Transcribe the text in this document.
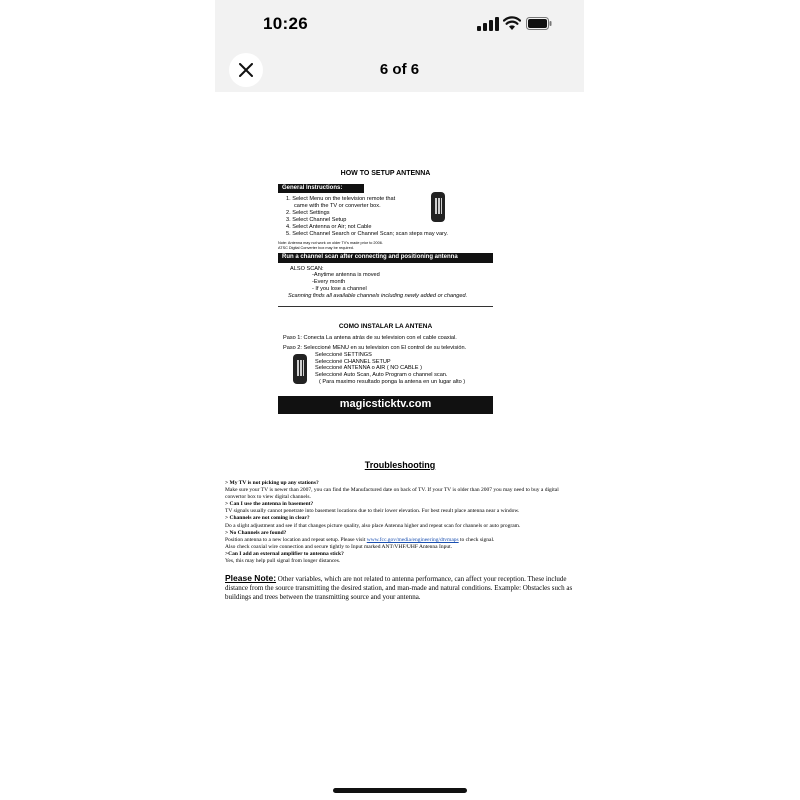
10:26
6 of 6
HOW TO SETUP ANTENNA
General Instructions:
1. Select Menu on the television remote that
came with the TV or converter box.
2. Select Settings
3. Select Channel Setup
4. Select Antenna or Air; not Cable
5. Select Channel Search or Channel Scan; scan steps may vary.
Note: Antenna may not work on older TV's made prior to 2006.
ATSC Digital Converter box may be required.
Run a channel scan after connecting and positioning antenna
ALSO SCAN:
-Anytime antenna is moved
-Every month
- If you lose a channel
Scanning finds all available channels including newly added or changed.
COMO INSTALAR LA ANTENA
Paso 1: Conecta La antena atrás de su television con el cable coaxial.
Paso 2: Seleccioné MENU en su television con El control de su televisión.
Seleccioné SETTINGS
Seleccioné CHANNEL SETUP
Seleccioné ANTENNA o AIR ( NO CABLE )
Seleccioné Auto Scan, Auto Program o channel scan.
( Para maximo resultado ponga la antena en un lugar alto )
magicsticktv.com
Troubleshooting
> My TV is not picking up any stations?
Make sure your TV is newer than 2007, you can find the Manufactured date on back of TV. If your TV is older than 2007 you may need to buy a digital convertor box to view digital channels.
> Can I use the antenna in basement?
TV signals usually cannot penetrate into basement locations due to their lower elevation. For best result place antenna near a window.
> Channels are not coming in clear?
Do a slight adjustment and see if that changes picture quality, also place Antenna higher and repeat scan for channels or auto program.
> No Channels are found?
Position antenna to a new location and repeat setup. Please visit www.fcc.gov/media/engineering/dtvmaps to check signal.
Also check coaxial wire connection and secure tightly to Input marked ANT/VHF/UHF Antenna Input.
>Can I add an external amplifier to antenna stick?
Yes, this may help pull signal from longer distances.
Please Note: Other variables, which are not related to antenna performance, can affect your reception. These include distance from the source transmitting the desired station, and man-made and natural conditions. Example: Obstacles such as buildings and trees between the transmitting source and your antenna.
